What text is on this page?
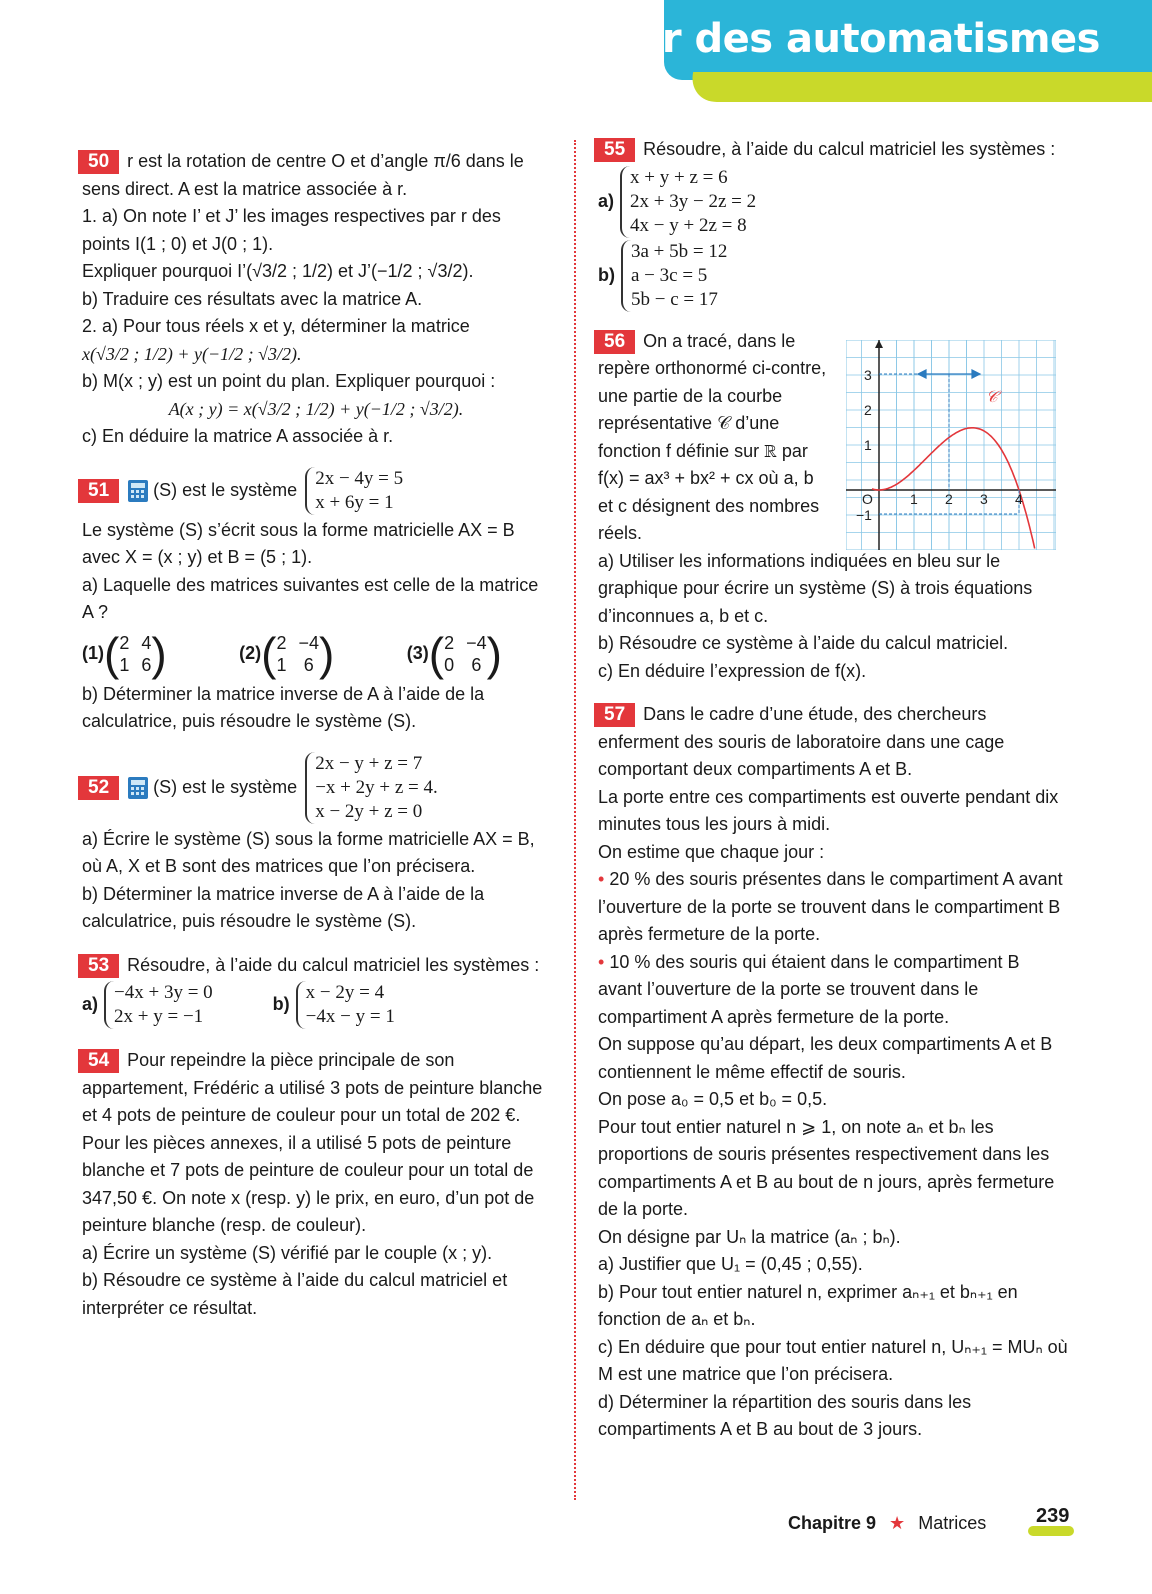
Acquérir des automatismes

50 r est la rotation de centre O et d’angle π/6 dans le

sens direct. A est la matrice associée à r.

1. a) On note I’ et J’ les images respectives par r des points I(1 ; 0) et J(0 ; 1).

Expliquer pourquoi I’(√3/2 ; 1/2) et J’(−1/2 ; √3/2).

b) Traduire ces résultats avec la matrice A.

2. a) Pour tous réels x et y, déterminer la matrice

x(√3/2 ; 1/2) + y(−1/2 ; √3/2).

b) M(x ; y) est un point du plan. Expliquer pourquoi :

A(x ; y) = x(√3/2 ; 1/2) + y(−1/2 ; √3/2).

c) En déduire la matrice A associée à r.

51	(S) est le système
2x − 4y = 5
x + 6y = 1

Le système (S) s’écrit sous la forme matricielle AX = B

avec X = (x ; y) et B = (5 ; 1).

a) Laquelle des matrices suivantes est celle de la matrice A ?

(1) ( 2 4
1 6 )	(2) ( 2 −4
1 6 )	(3) ( 2 −4
0 6 )

b) Déterminer la matrice inverse de A à l’aide de la calculatrice, puis résoudre le système (S).

52	(S) est le système
2x − y + z = 7
−x + 2y + z = 4.
x − 2y + z = 0

a) Écrire le système (S) sous la forme matricielle AX = B, où A, X et B sont des matrices que l’on précisera.

b) Déterminer la matrice inverse de A à l’aide de la calculatrice, puis résoudre le système (S).

53 Résoudre, à l’aide du calcul matriciel les systèmes :

a)
−4x + 3y = 0
2x + y = −1
b)
x − 2y = 4
−4x − y = 1

54 Pour repeindre la pièce principale de son appartement, Frédéric a utilisé 3 pots de peinture blanche et 4 pots de peinture de couleur pour un total de 202 €. Pour les pièces annexes, il a utilisé 5 pots de peinture blanche et 7 pots de peinture de couleur pour un total de 347,50 €. On note x (resp. y) le prix, en euro, d’un pot de peinture blanche (resp. de couleur).

a) Écrire un système (S) vérifié par le couple (x ; y).

b) Résoudre ce système à l’aide du calcul matriciel et interpréter ce résultat.

55 Résoudre, à l’aide du calcul matriciel les systèmes :

a)
x + y + z = 6
2x + 3y − 2z = 2
4x − y + 2z = 8
b)
3a + 5b = 12
a − 3c = 5
5b − c = 17

56 On a tracé, dans le repère orthonormé ci-contre, une partie de la courbe représentative 𝒞 d’une fonction f définie sur ℝ par f(x) = ax³ + bx² + cx où a, b et c désignent des nombres réels.

a) Utiliser les informations indiquées en bleu sur le graphique pour écrire un système (S) à trois équations d’inconnues a, b et c.

b) Résoudre ce système à l’aide du calcul matriciel.

c) En déduire l’expression de f(x).

57 Dans le cadre d’une étude, des chercheurs enferment des souris de laboratoire dans une cage comportant deux compartiments A et B.

La porte entre ces compartiments est ouverte pendant dix minutes tous les jours à midi.

On estime que chaque jour :

• 20 % des souris présentes dans le compartiment A avant l’ouverture de la porte se trouvent dans le compartiment B après fermeture de la porte.

• 10 % des souris qui étaient dans le compartiment B avant l’ouverture de la porte se trouvent dans le compartiment A après fermeture de la porte.

On suppose qu’au départ, les deux compartiments A et B contiennent le même effectif de souris.

On pose a₀ = 0,5 et b₀ = 0,5.

Pour tout entier naturel n ⩾ 1, on note aₙ et bₙ les proportions de souris présentes respectivement dans les compartiments A et B au bout de n jours, après fermeture de la porte.

On désigne par Uₙ la matrice (aₙ ; bₙ).

a) Justifier que U₁ = (0,45 ; 0,55).

b) Pour tout entier naturel n, exprimer aₙ₊₁ et bₙ₊₁ en fonction de aₙ et bₙ.

c) En déduire que pour tout entier naturel n, Uₙ₊₁ = MUₙ où M est une matrice que l’on précisera.

d) Déterminer la répartition des souris dans les compartiments A et B au bout de 3 jours.

𝒞
O	1 2 3 4
3
2
1
−1
Chapitre 9 ★ Matrices 239
